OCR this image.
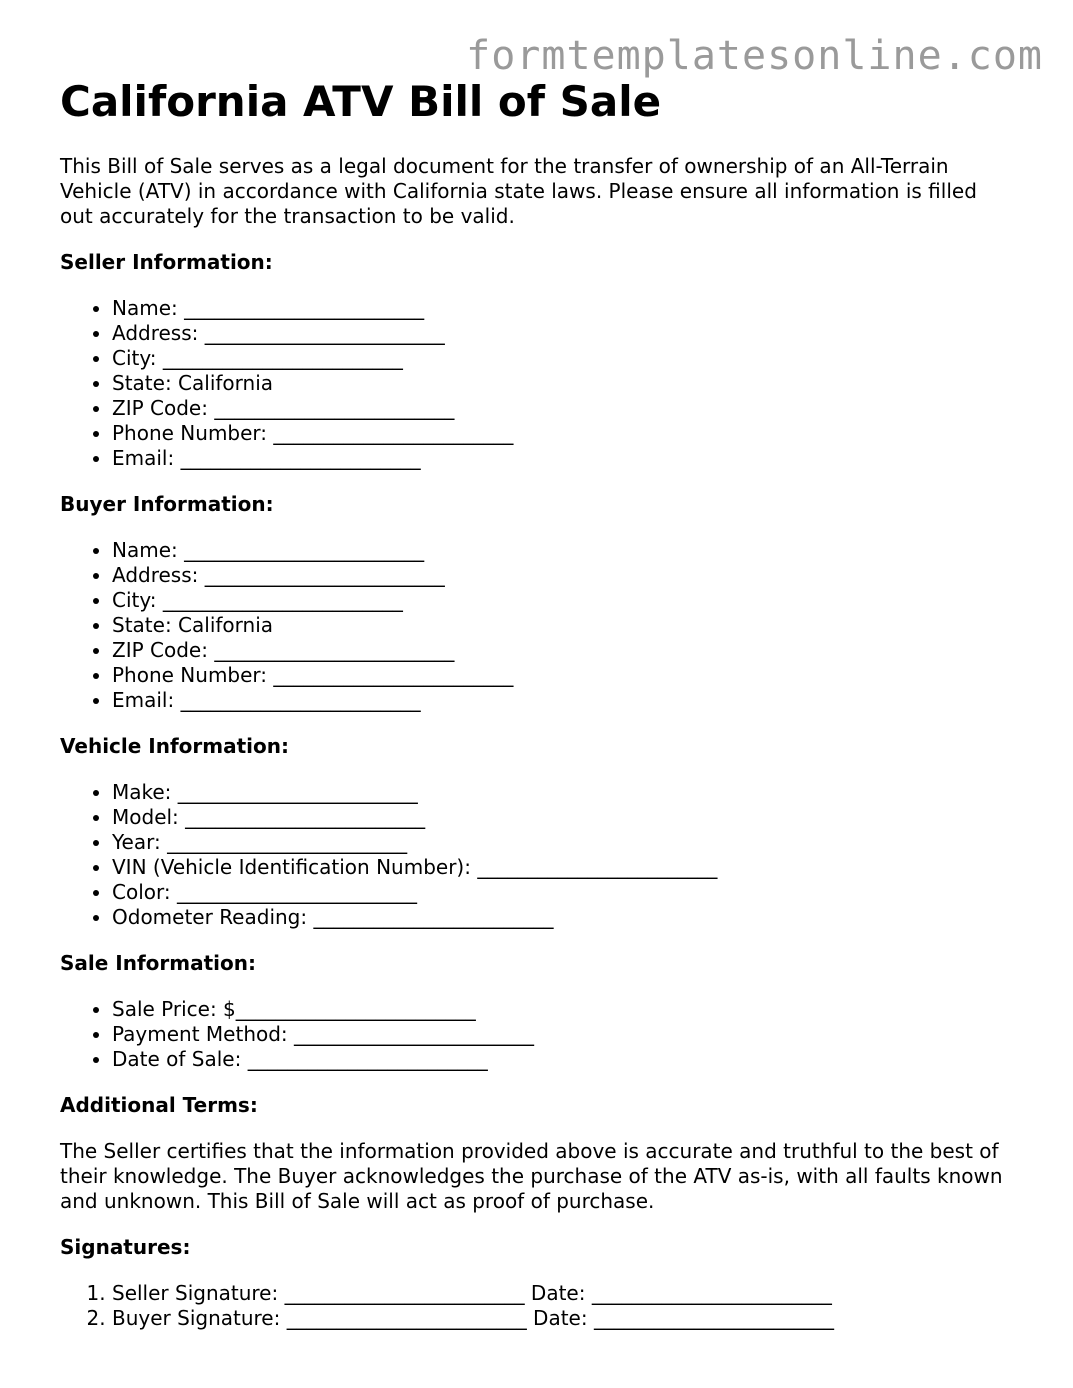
formtemplatesonline.com
California ATV Bill of Sale

This Bill of Sale serves as a legal document for the transfer of ownership of an All-Terrain Vehicle (ATV) in accordance with California state laws. Please ensure all information is filled out accurately for the transaction to be valid.

Seller Information:
• Name: ________________________
• Address: ________________________
• City: ________________________
• State: California
• ZIP Code: ________________________
• Phone Number: ________________________
• Email: ________________________
Buyer Information:
• Name: ________________________
• Address: ________________________
• City: ________________________
• State: California
• ZIP Code: ________________________
• Phone Number: ________________________
• Email: ________________________
Vehicle Information:
• Make: ________________________
• Model: ________________________
• Year: ________________________
• VIN (Vehicle Identification Number): ________________________
• Color: ________________________
• Odometer Reading: ________________________
Sale Information:
• Sale Price: $________________________
• Payment Method: ________________________
• Date of Sale: ________________________
Additional Terms:

The Seller certifies that the information provided above is accurate and truthful to the best of their knowledge. The Buyer acknowledges the purchase of the ATV as-is, with all faults known and unknown. This Bill of Sale will act as proof of purchase.

Signatures:
1. Seller Signature: ________________________ Date: ________________________
2. Buyer Signature: ________________________ Date: ________________________
